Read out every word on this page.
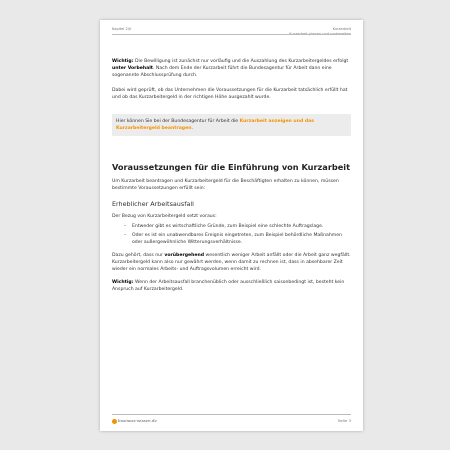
Kapitel 2/II	Kurzarbeit
Kurzarbeit planen und vorbereiten

Wichtig: Die Bewilligung ist zunächst nur vorläufig und die Auszahlung des Kurzarbeitergeldes erfolgt unter Vorbehalt. Nach dem Ende der Kurzarbeit führt die Bundesagentur für Arbeit dann eine sogenannte Abschlussprüfung durch.

Dabei wird geprüft, ob das Unternehmen die Voraussetzungen für die Kurzarbeit tatsächlich erfüllt hat und ob das Kurzarbeitergeld in der richtigen Höhe ausgezahlt wurde.

Hier können Sie bei der Bundesagentur für Arbeit die Kurzarbeit anzeigen und das Kurzarbeitergeld beantragen.

Voraussetzungen für die Einführung von Kurzarbeit

Um Kurzarbeit beantragen und Kurzarbeitergeld für die Beschäftigten erhalten zu können, müssen bestimmte Voraussetzungen erfüllt sein:

Erheblicher Arbeitsausfall

Der Bezug von Kurzarbeitergeld setzt voraus:

– Entweder gibt es wirtschaftliche Gründe, zum Beispiel eine schlechte Auftragslage.
– Oder es ist ein unabwendbares Ereignis eingetreten, zum Beispiel behördliche Maßnahmen oder außergewöhnliche Witterungsverhältnisse.

Dazu gehört, dass nur vorübergehend wesentlich weniger Arbeit anfällt oder die Arbeit ganz wegfällt. Kurzarbeitergeld kann also nur gewährt werden, wenn damit zu rechnen ist, dass in absehbarer Zeit wieder ein normales Arbeits- und Auftragsvolumen erreicht wird.

Wichtig: Wenn der Arbeitsausfall branchenüblich oder ausschließlich saisonbedingt ist, besteht kein Anspruch auf Kurzarbeitergeld.

business-wissen.de	Seite 3
